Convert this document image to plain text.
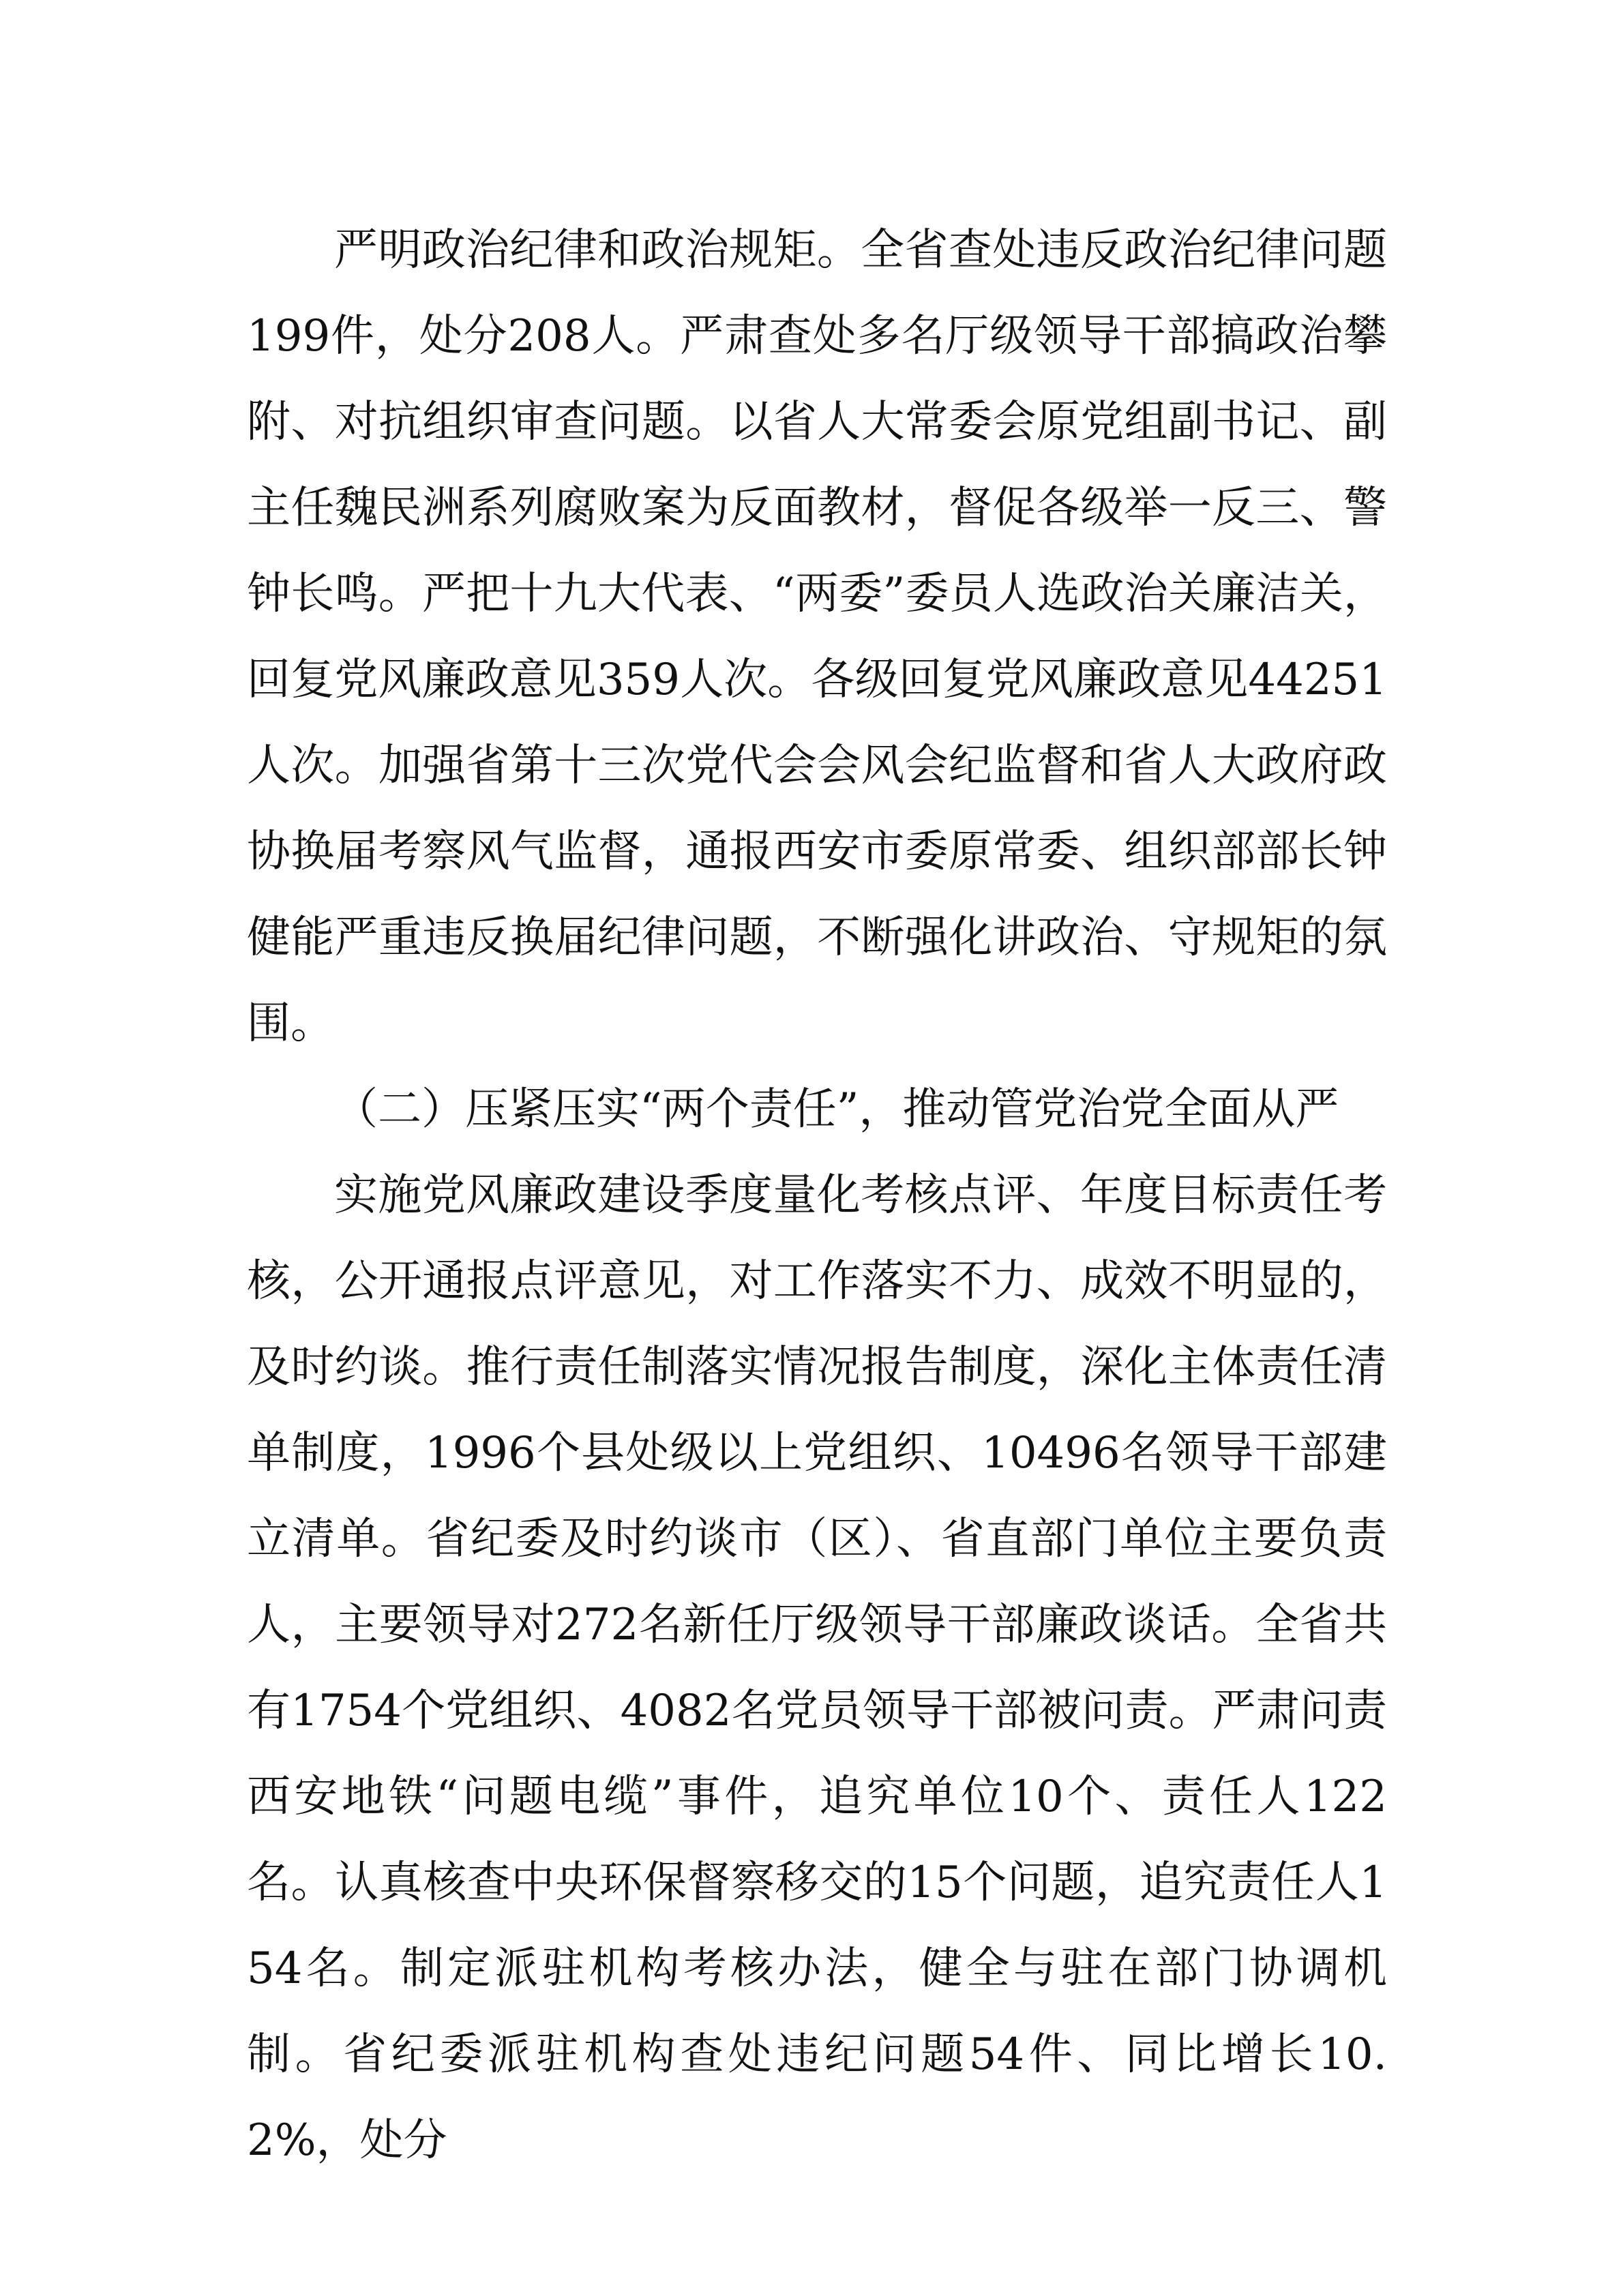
严明政治纪律和政治规矩。全省查处违反政治纪律问题199件，处分208人。严肃查处多名厅级领导干部搞政治攀附、对抗组织审查问题。以省人大常委会原党组副书记、副主任魏民洲系列腐败案为反面教材，督促各级举一反三、警钟长鸣。严把十九大代表、“两委”委员人选政治关廉洁关，回复党风廉政意见359人次。各级回复党风廉政意见44251人次。加强省第十三次党代会会风会纪监督和省人大政府政协换届考察风气监督，通报西安市委原常委、组织部部长钟健能严重违反换届纪律问题，不断强化讲政治、守规矩的氛围。

（二）压紧压实“两个责任”，推动管党治党全面从严

实施党风廉政建设季度量化考核点评、年度目标责任考核，公开通报点评意见，对工作落实不力、成效不明显的，及时约谈。推行责任制落实情况报告制度，深化主体责任清单制度，1996个县处级以上党组织、10496名领导干部建立清单。省纪委及时约谈市（区）、省直部门单位主要负责人，主要领导对272名新任厅级领导干部廉政谈话。全省共有1754个党组织、4082名党员领导干部被问责。严肃问责西安地铁“问题电缆”事件，追究单位10个、责任人122名。认真核查中央环保督察移交的15个问题，追究责任人154名。制定派驻机构考核办法，健全与驻在部门协调机制。省纪委派驻机构查处违纪问题54件、同比增长10.2%，处分
